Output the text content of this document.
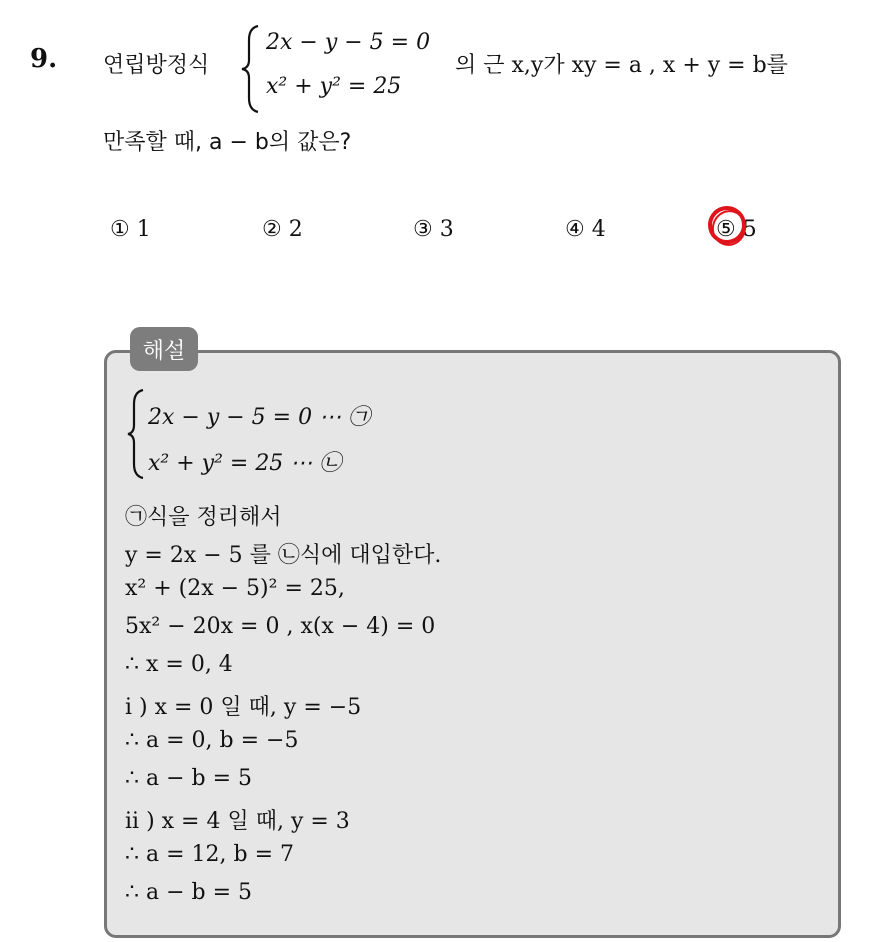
9. 연립방정식
2x − y − 5 = 0
x² + y² = 25
의 근 x,y가 xy = a , x + y = b를
만족할 때, a − b의 값은?
① 1	② 2	③ 3	④ 4	⑤ 5
해설
2x − y − 5 = 0 ⋯ ㉠
x² + y² = 25 ⋯ ㉡
㉠식을 정리해서
y = 2x − 5 를 ㉡식에 대입한다.
x² + (2x − 5)² = 25,
5x² − 20x = 0 , x(x − 4) = 0
∴ x = 0, 4
i ) x = 0 일 때, y = −5
∴ a = 0, b = −5
∴ a − b = 5
ii ) x = 4 일 때, y = 3
∴ a = 12, b = 7
∴ a − b = 5
